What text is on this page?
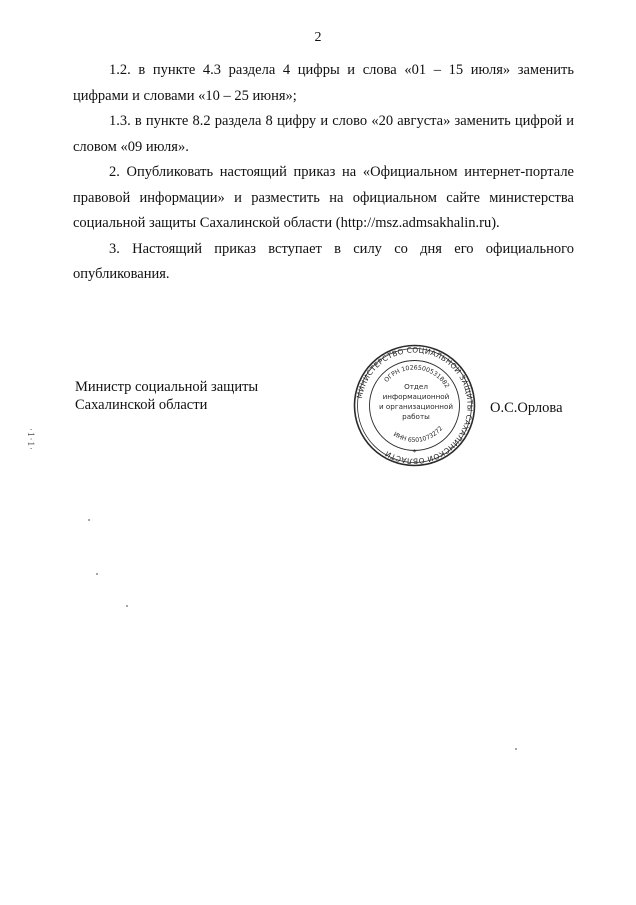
2

1.2. в пункте 4.3 раздела 4 цифры и слова «01 – 15 июля» заменить цифрами и словами «10 – 25 июня»;

1.3. в пункте 8.2 раздела 8 цифру и слово «20 августа» заменить цифрой и словом «09 июля».

2. Опубликовать настоящий приказ на «Официальном интернет-портале правовой информации» и разместить на официальном сайте министерства социальной защиты Сахалинской области (http://msz.admsakhalin.ru).

3. Настоящий приказ вступает в силу со дня его официального опубликования.

Министр социальной защиты
Сахалинской области
МИНИСТЕРСТВО СОЦИАЛЬНОЙ ЗАЩИТЫ САХАЛИНСКОЙ ОБЛАСТИ
ОГРН 1026500531882
ИНН 6501073272
*
Отдел
информационной
и организационной
работы
О.С.Орлова
·1·1·
